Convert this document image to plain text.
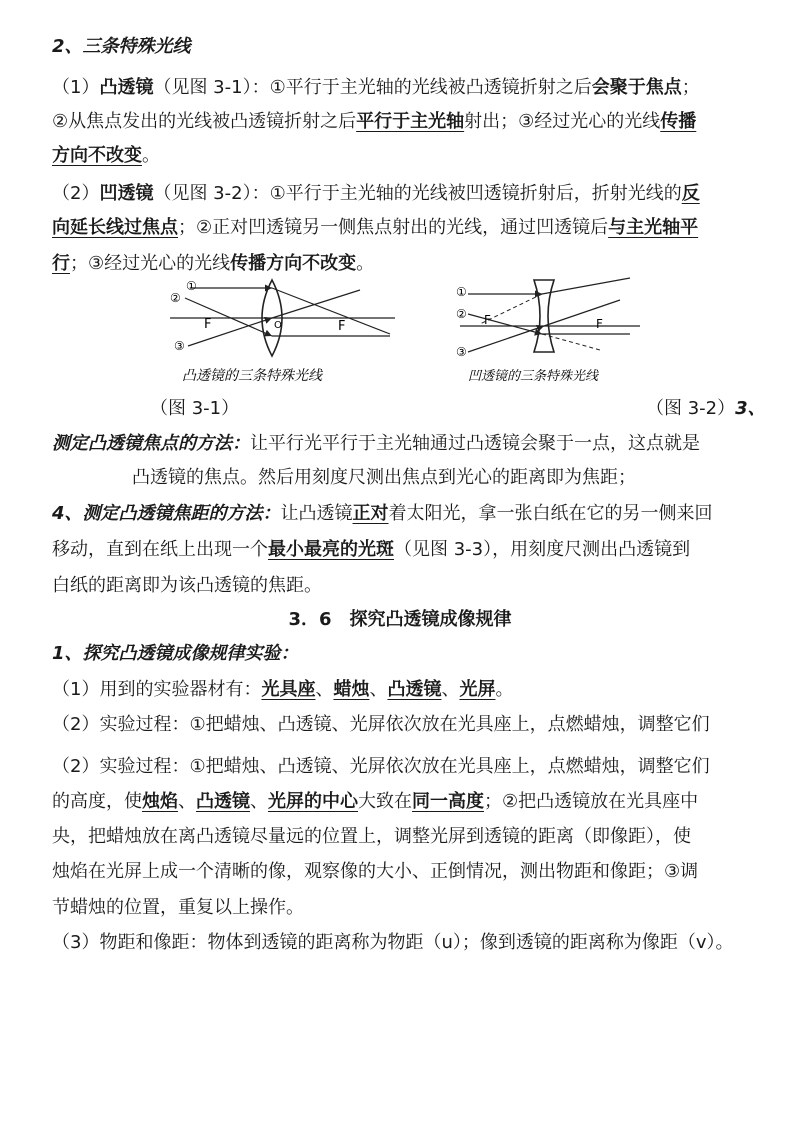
2、三条特殊光线
（1）凸透镜（见图 3-1）：①平行于主光轴的光线被凸透镜折射之后会聚于焦点；
②从焦点发出的光线被凸透镜折射之后平行于主光轴射出；③经过光心的光线传播
方向不改变。
（2）凹透镜（见图 3-2）：①平行于主光轴的光线被凹透镜折射后，折射光线的反
向延长线过焦点；②正对凹透镜另一侧焦点射出的光线，通过凹透镜后与主光轴平
行；③经过光心的光线传播方向不改变。
①
②
③
F	O	F
凸透镜的三条特殊光线
①
②
③
F	F
凹透镜的三条特殊光线
（图 3-1）	（图 3-2）3、
测定凸透镜焦点的方法：让平行光平行于主光轴通过凸透镜会聚于一点，这点就是
凸透镜的焦点。然后用刻度尺测出焦点到光心的距离即为焦距；
4、测定凸透镜焦距的方法：让凸透镜正对着太阳光，拿一张白纸在它的另一侧来回
移动，直到在纸上出现一个最小最亮的光斑（见图 3-3），用刻度尺测出凸透镜到
白纸的距离即为该凸透镜的焦距。
3．6　探究凸透镜成像规律
1、探究凸透镜成像规律实验：
（1）用到的实验器材有：光具座、蜡烛、凸透镜、光屏。
（2）实验过程：①把蜡烛、凸透镜、光屏依次放在光具座上，点燃蜡烛，调整它们
（2）实验过程：①把蜡烛、凸透镜、光屏依次放在光具座上，点燃蜡烛，调整它们
的高度，使烛焰、凸透镜、光屏的中心大致在同一高度；②把凸透镜放在光具座中
央，把蜡烛放在离凸透镜尽量远的位置上，调整光屏到透镜的距离（即像距），使
烛焰在光屏上成一个清晰的像，观察像的大小、正倒情况，测出物距和像距；③调
节蜡烛的位置，重复以上操作。
（3）物距和像距：物体到透镜的距离称为物距（u）；像到透镜的距离称为像距（v）。
